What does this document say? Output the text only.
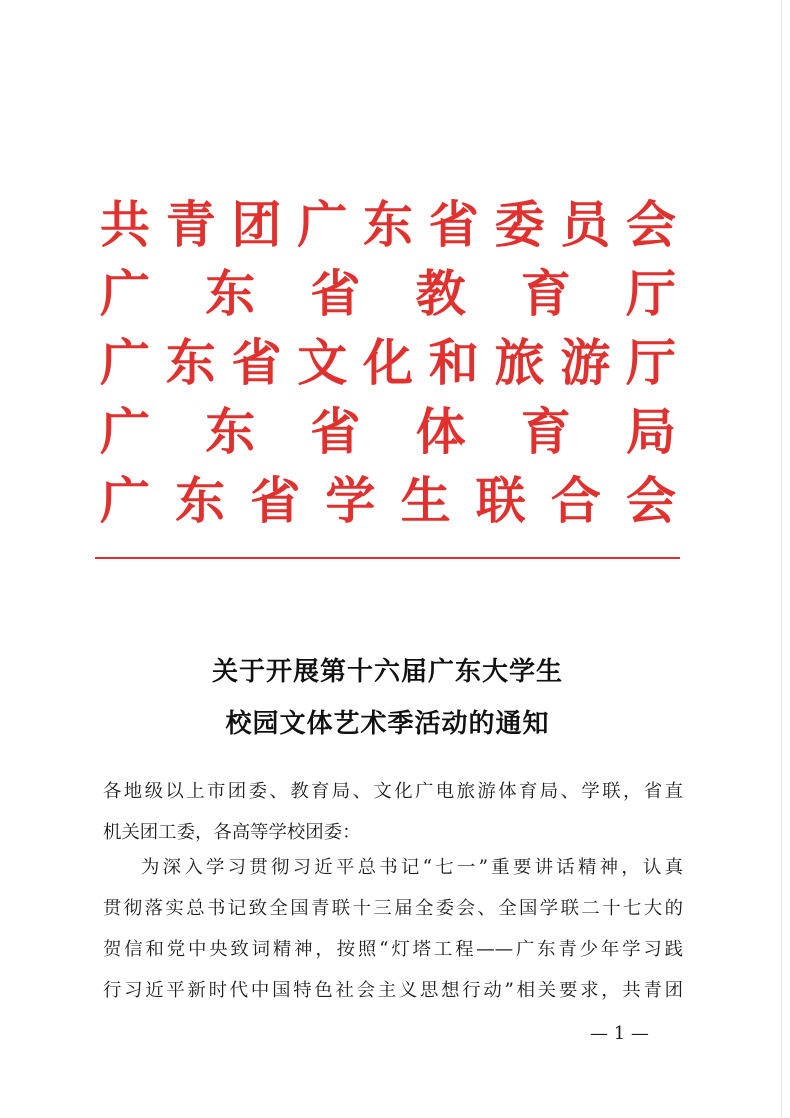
共 青 团 广 东 省 委 员 会
广 东 省 教 育 厅
广 东 省 文 化 和 旅 游 厅
广 东 省 体 育 局
广 东 省 学 生 联 合 会
关于开展第十六届广东大学生
校园文体艺术季活动的通知
各地级以上市团委、教育局、文化广电旅游体育局、学联，省直
机关团工委，各高等学校团委：
为深入学习贯彻习近平总书记“七一”重要讲话精神，认真
贯彻落实总书记致全国青联十三届全委会、全国学联二十七大的
贺信和党中央致词精神，按照“灯塔工程——广东青少年学习践
行习近平新时代中国特色社会主义思想行动”相关要求，共青团
— 1 —
